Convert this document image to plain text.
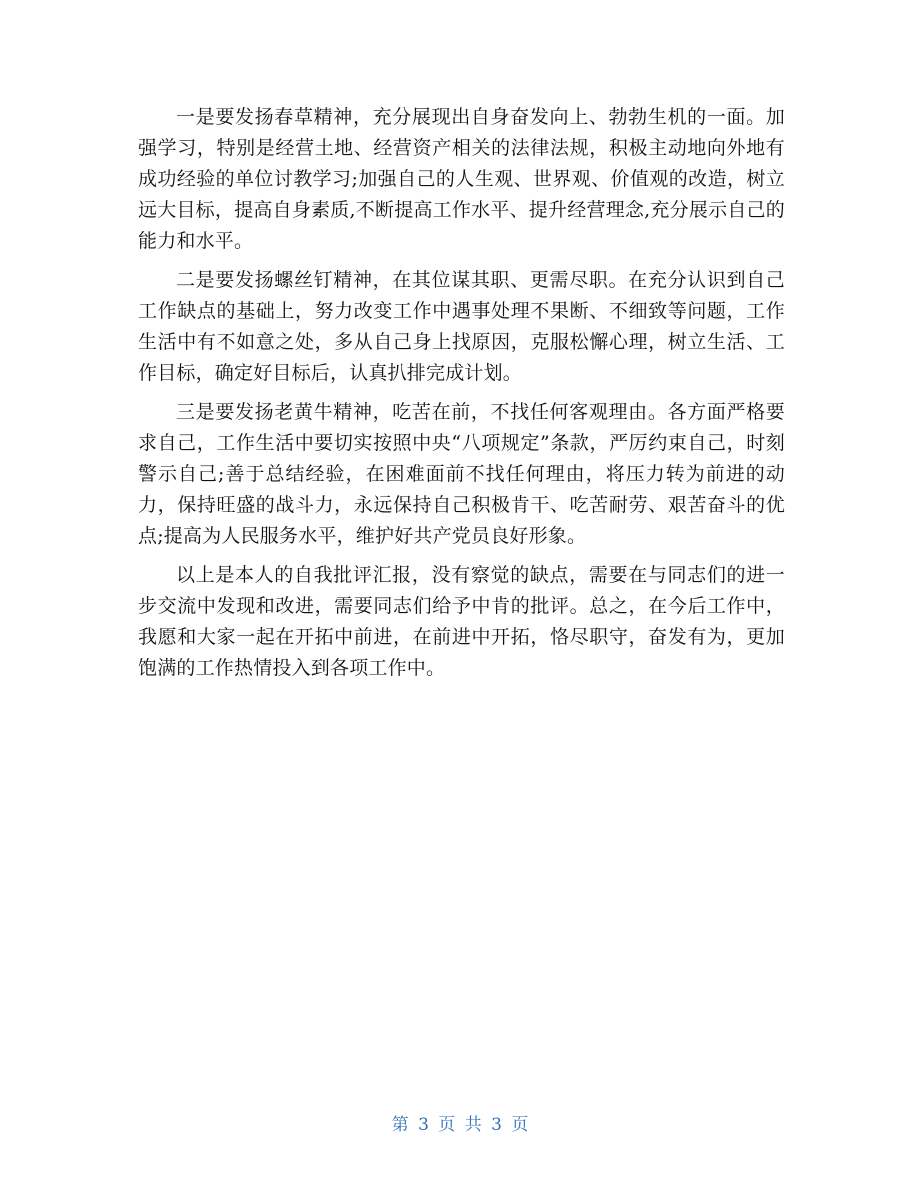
一是要发扬春草精神，充分展现出自身奋发向上、勃勃生机的一面。加强学习，特别是经营土地、经营资产相关的法律法规，积极主动地向外地有成功经验的单位讨教学习;加强自己的人生观、世界观、价值观的改造，树立远大目标，提高自身素质,不断提高工作水平、提升经营理念,充分展示自己的能力和水平。

二是要发扬螺丝钉精神，在其位谋其职、更需尽职。在充分认识到自己工作缺点的基础上，努力改变工作中遇事处理不果断、不细致等问题，工作生活中有不如意之处，多从自己身上找原因，克服松懈心理，树立生活、工作目标，确定好目标后，认真扒排完成计划。

三是要发扬老黄牛精神，吃苦在前，不找任何客观理由。各方面严格要求自己，工作生活中要切实按照中央“八项规定”条款，严厉约束自己，时刻警示自己;善于总结经验，在困难面前不找任何理由，将压力转为前进的动力，保持旺盛的战斗力，永远保持自己积极肯干、吃苦耐劳、艰苦奋斗的优点;提高为人民服务水平，维护好共产党员良好形象。

以上是本人的自我批评汇报，没有察觉的缺点，需要在与同志们的进一步交流中发现和改进，需要同志们给予中肯的批评。总之，在今后工作中，我愿和大家一起在开拓中前进，在前进中开拓，恪尽职守，奋发有为，更加饱满的工作热情投入到各项工作中。

第 3 页 共 3 页
